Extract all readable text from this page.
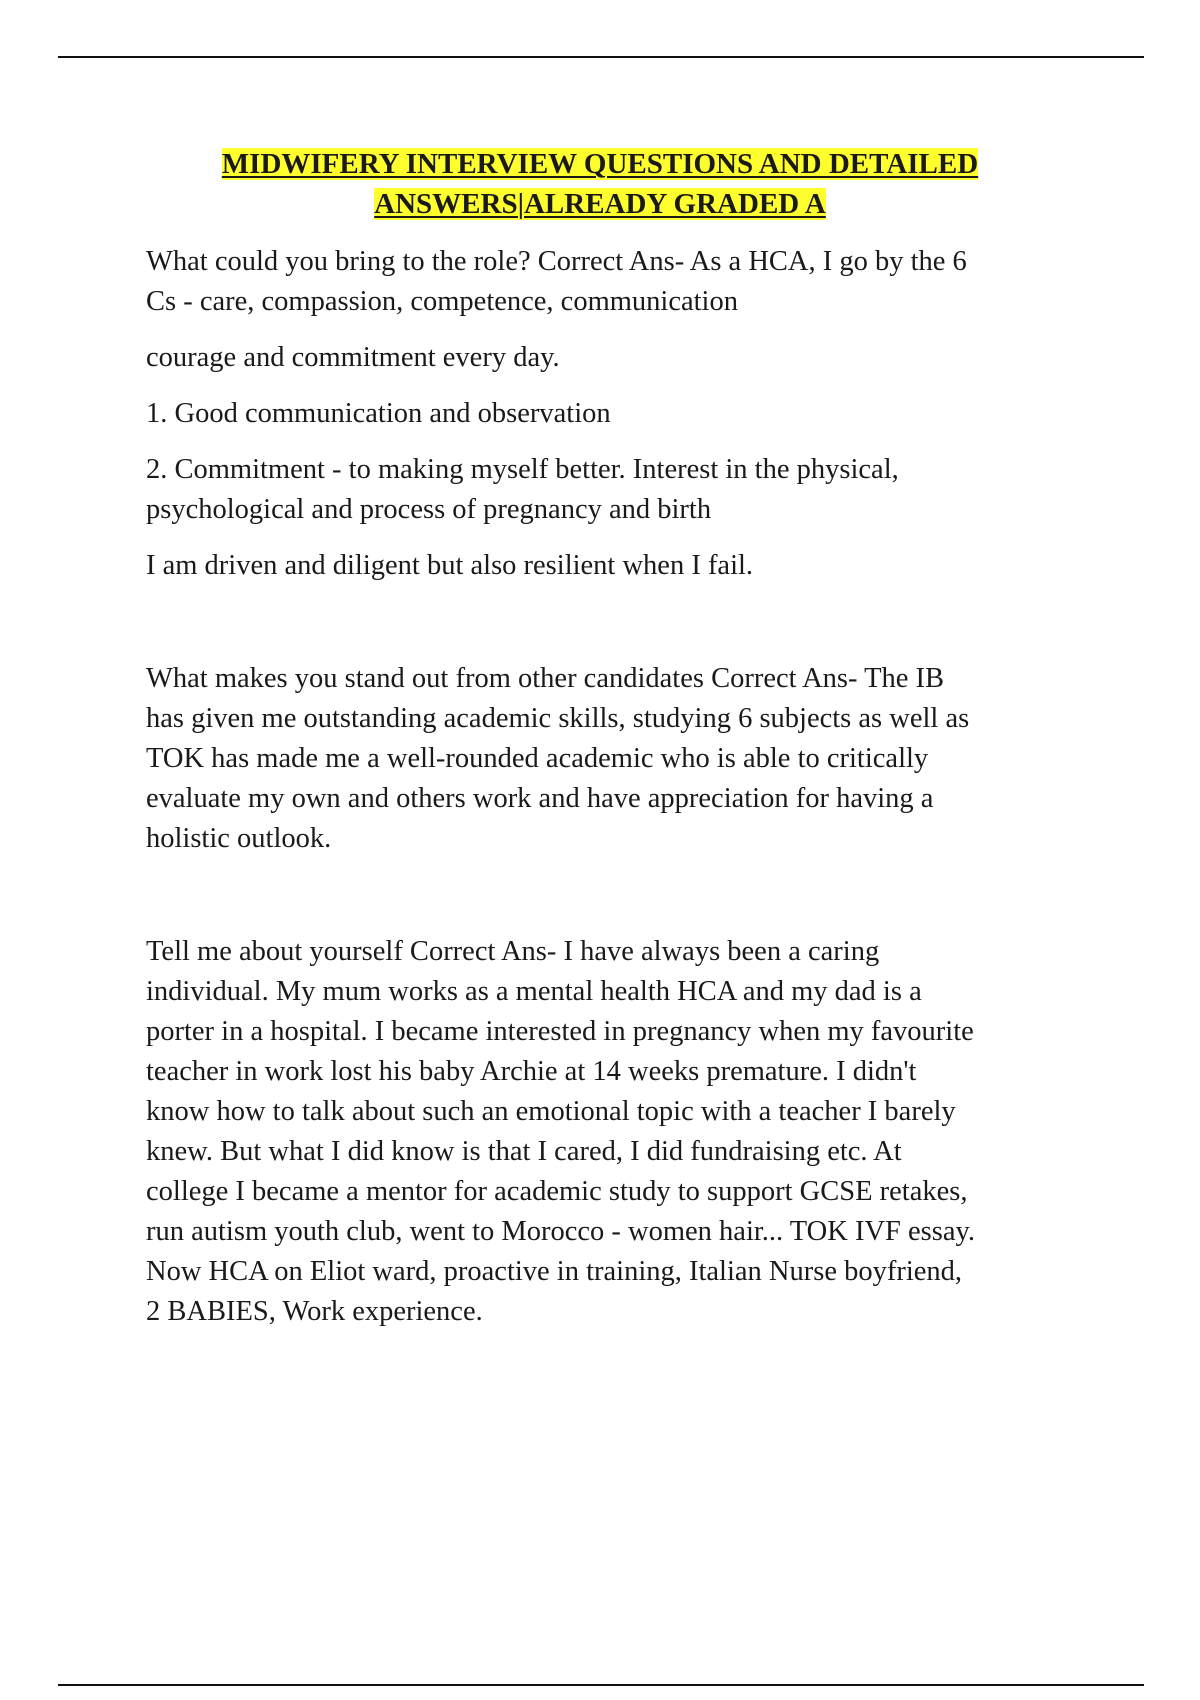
MIDWIFERY INTERVIEW QUESTIONS AND DETAILED
ANSWERS|ALREADY GRADED A

What could you bring to the role? Correct Ans- As a HCA, I go by the 6
Cs - care, compassion, competence, communication

courage and commitment every day.

1. Good communication and observation

2. Commitment - to making myself better. Interest in the physical,
psychological and process of pregnancy and birth

I am driven and diligent but also resilient when I fail.

What makes you stand out from other candidates Correct Ans- The IB
has given me outstanding academic skills, studying 6 subjects as well as
TOK has made me a well-rounded academic who is able to critically
evaluate my own and others work and have appreciation for having a
holistic outlook.

Tell me about yourself Correct Ans- I have always been a caring
individual. My mum works as a mental health HCA and my dad is a
porter in a hospital. I became interested in pregnancy when my favourite
teacher in work lost his baby Archie at 14 weeks premature. I didn't
know how to talk about such an emotional topic with a teacher I barely
knew. But what I did know is that I cared, I did fundraising etc. At
college I became a mentor for academic study to support GCSE retakes,
run autism youth club, went to Morocco - women hair... TOK IVF essay.
Now HCA on Eliot ward, proactive in training, Italian Nurse boyfriend,
2 BABIES, Work experience.
